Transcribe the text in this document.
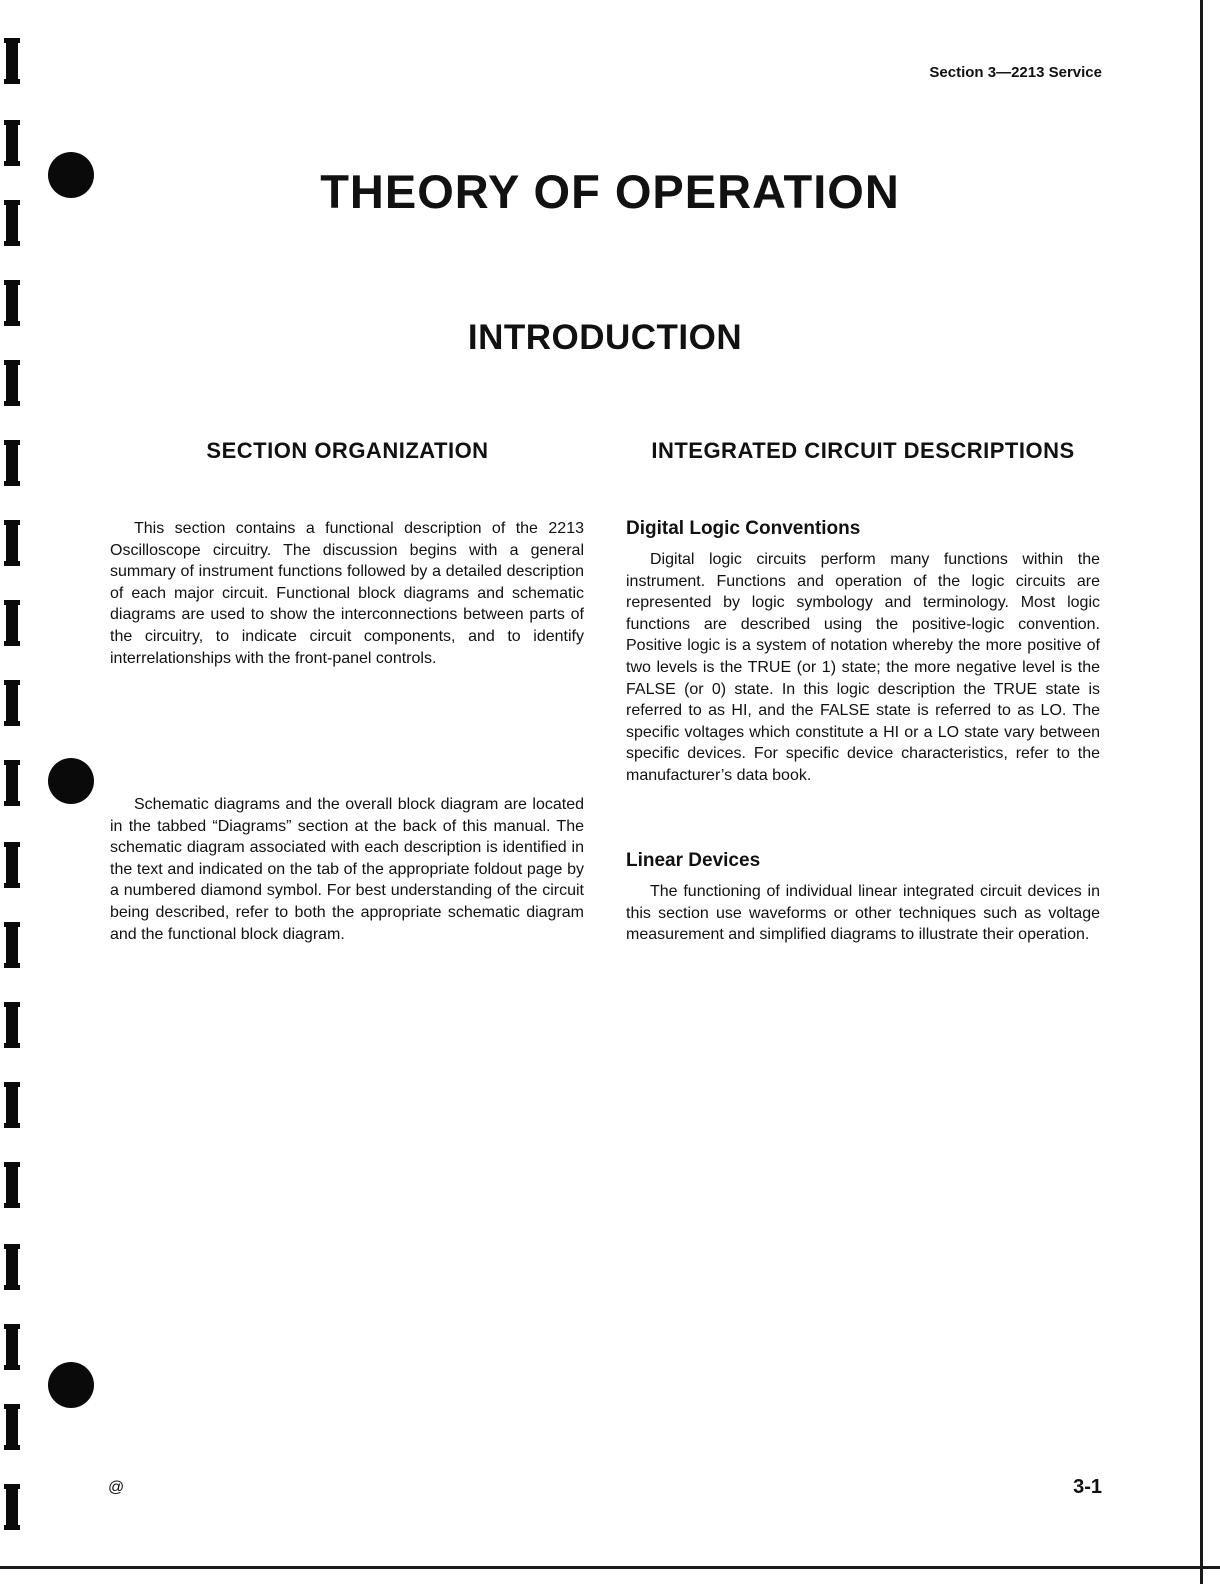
Section 3—2213 Service
THEORY OF OPERATION
INTRODUCTION
SECTION ORGANIZATION	INTEGRATED CIRCUIT DESCRIPTIONS

This section contains a functional description of the 2213 Oscilloscope circuitry. The discussion begins with a general summary of instrument functions followed by a detailed description of each major circuit. Functional block diagrams and schematic diagrams are used to show the interconnections between parts of the circuitry, to indicate circuit components, and to identify interrelationships with the front-panel controls.

Schematic diagrams and the overall block diagram are located in the tabbed “Diagrams” section at the back of this manual. The schematic diagram associated with each description is identified in the text and indicated on the tab of the appropriate foldout page by a numbered diamond symbol. For best understanding of the circuit being described, refer to both the appropriate schematic diagram and the functional block diagram.

Digital Logic Conventions

Digital logic circuits perform many functions within the instrument. Functions and operation of the logic circuits are represented by logic symbology and terminology. Most logic functions are described using the positive-logic convention. Positive logic is a system of notation whereby the more positive of two levels is the TRUE (or 1) state; the more negative level is the FALSE (or 0) state. In this logic description the TRUE state is referred to as HI, and the FALSE state is referred to as LO. The specific voltages which constitute a HI or a LO state vary between specific devices. For specific device characteristics, refer to the manufacturer’s data book.

Linear Devices

The functioning of individual linear integrated circuit devices in this section use waveforms or other techniques such as voltage measurement and simplified diagrams to illustrate their operation.

@	3-1
